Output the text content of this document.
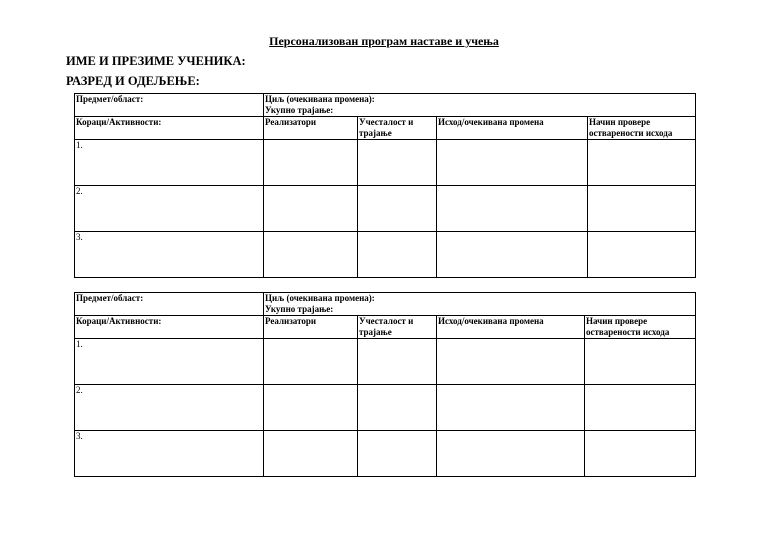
Персонализован програм наставе и учења
ИМЕ И ПРЕЗИМЕ УЧЕНИКА:
РАЗРЕД И ОДЕЉЕЊЕ:
Предмет/област:	Циљ (очекивана промена):
Укупно трајање:			

Кораци/Активности:	Реализатори	Учесталост и трајање	Исход/очекивана промена	Начин провере остварености исхода
1.				
2.				
3.				
Предмет/област:	Циљ (очекивана промена):
Укупно трајање:			

Кораци/Активности:	Реализатори	Учесталост и трајање	Исход/очекивана промена	Начин провере остварености исхода
1.				
2.				
3.				
